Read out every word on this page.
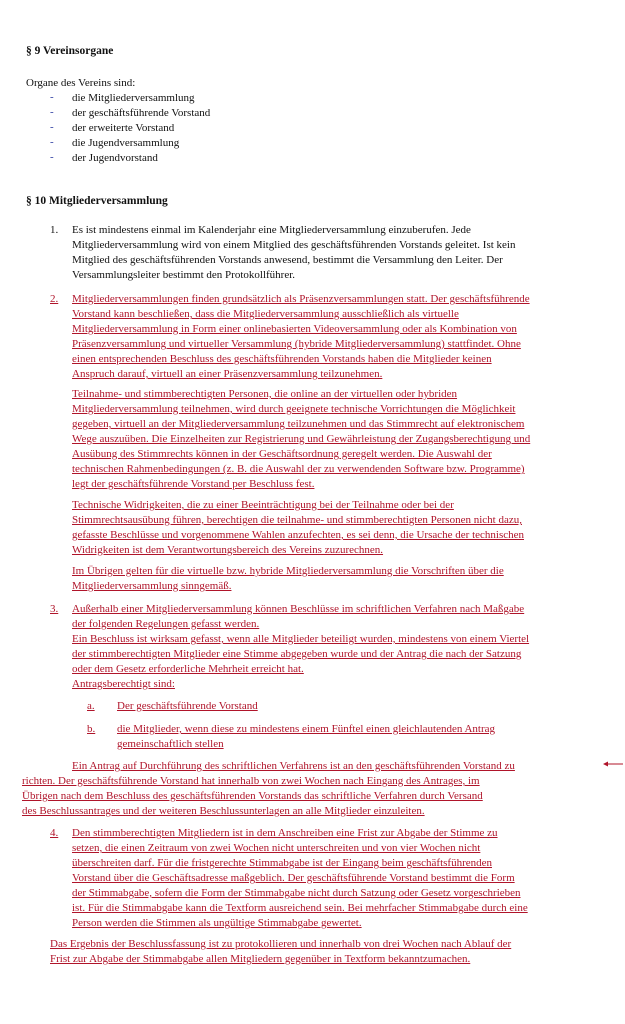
§ 9 Vereinsorgane
Organe des Vereins sind:
- die Mitgliederversammlung
- der geschäftsführende Vorstand
- der erweiterte Vorstand
- die Jugendversammlung
- der Jugendvorstand
§ 10 Mitgliederversammlung
1. Es ist mindestens einmal im Kalenderjahr eine Mitgliederversammlung einzuberufen. Jede
Mitgliederversammlung wird von einem Mitglied des geschäftsführenden Vorstands geleitet. Ist kein
Mitglied des geschäftsführenden Vorstands anwesend, bestimmt die Versammlung den Leiter. Der
Versammlungsleiter bestimmt den Protokollführer.
2. Mitgliederversammlungen finden grundsätzlich als Präsenzversammlungen statt. Der geschäftsführende
Vorstand kann beschließen, dass die Mitgliederversammlung ausschließlich als virtuelle
Mitgliederversammlung in Form einer onlinebasierten Videoversammlung oder als Kombination von
Präsenzversammlung und virtueller Versammlung (hybride Mitgliederversammlung) stattfindet. Ohne
einen entsprechenden Beschluss des geschäftsführenden Vorstands haben die Mitglieder keinen
Anspruch darauf, virtuell an einer Präsenzversammlung teilzunehmen.
Teilnahme- und stimmberechtigten Personen, die online an der virtuellen oder hybriden
Mitgliederversammlung teilnehmen, wird durch geeignete technische Vorrichtungen die Möglichkeit
gegeben, virtuell an der Mitgliederversammlung teilzunehmen und das Stimmrecht auf elektronischem
Wege auszuüben. Die Einzelheiten zur Registrierung und Gewährleistung der Zugangsberechtigung und
Ausübung des Stimmrechts können in der Geschäftsordnung geregelt werden. Die Auswahl der
technischen Rahmenbedingungen (z. B. die Auswahl der zu verwendenden Software bzw. Programme)
legt der geschäftsführende Vorstand per Beschluss fest.
Technische Widrigkeiten, die zu einer Beeinträchtigung bei der Teilnahme oder bei der
Stimmrechtsausübung führen, berechtigen die teilnahme- und stimmberechtigten Personen nicht dazu,
gefasste Beschlüsse und vorgenommene Wahlen anzufechten, es sei denn, die Ursache der technischen
Widrigkeiten ist dem Verantwortungsbereich des Vereins zuzurechnen.
Im Übrigen gelten für die virtuelle bzw. hybride Mitgliederversammlung die Vorschriften über die
Mitgliederversammlung sinngemäß.
3. Außerhalb einer Mitgliederversammlung können Beschlüsse im schriftlichen Verfahren nach Maßgabe
der folgenden Regelungen gefasst werden.
Ein Beschluss ist wirksam gefasst, wenn alle Mitglieder beteiligt wurden, mindestens von einem Viertel
der stimmberechtigten Mitglieder eine Stimme abgegeben wurde und der Antrag die nach der Satzung
oder dem Gesetz erforderliche Mehrheit erreicht hat.
Antragsberechtigt sind:
a. Der geschäftsführende Vorstand
b. die Mitglieder, wenn diese zu mindestens einem Fünftel einen gleichlautenden Antrag
gemeinschaftlich stellen
Ein Antrag auf Durchführung des schriftlichen Verfahrens ist an den geschäftsführenden Vorstand zu
richten. Der geschäftsführende Vorstand hat innerhalb von zwei Wochen nach Eingang des Antrages, im
Übrigen nach dem Beschluss des geschäftsführenden Vorstands das schriftliche Verfahren durch Versand
des Beschlussantrages und der weiteren Beschlussunterlagen an alle Mitglieder einzuleiten.
4. Den stimmberechtigten Mitgliedern ist in dem Anschreiben eine Frist zur Abgabe der Stimme zu
setzen, die einen Zeitraum von zwei Wochen nicht unterschreiten und von vier Wochen nicht
überschreiten darf. Für die fristgerechte Stimmabgabe ist der Eingang beim geschäftsführenden
Vorstand über die Geschäftsadresse maßgeblich. Der geschäftsführende Vorstand bestimmt die Form
der Stimmabgabe, sofern die Form der Stimmabgabe nicht durch Satzung oder Gesetz vorgeschrieben
ist. Für die Stimmabgabe kann die Textform ausreichend sein. Bei mehrfacher Stimmabgabe durch eine
Person werden die Stimmen als ungültige Stimmabgabe gewertet.
Das Ergebnis der Beschlussfassung ist zu protokollieren und innerhalb von drei Wochen nach Ablauf der
Frist zur Abgabe der Stimmabgabe allen Mitgliedern gegenüber in Textform bekanntzumachen.
